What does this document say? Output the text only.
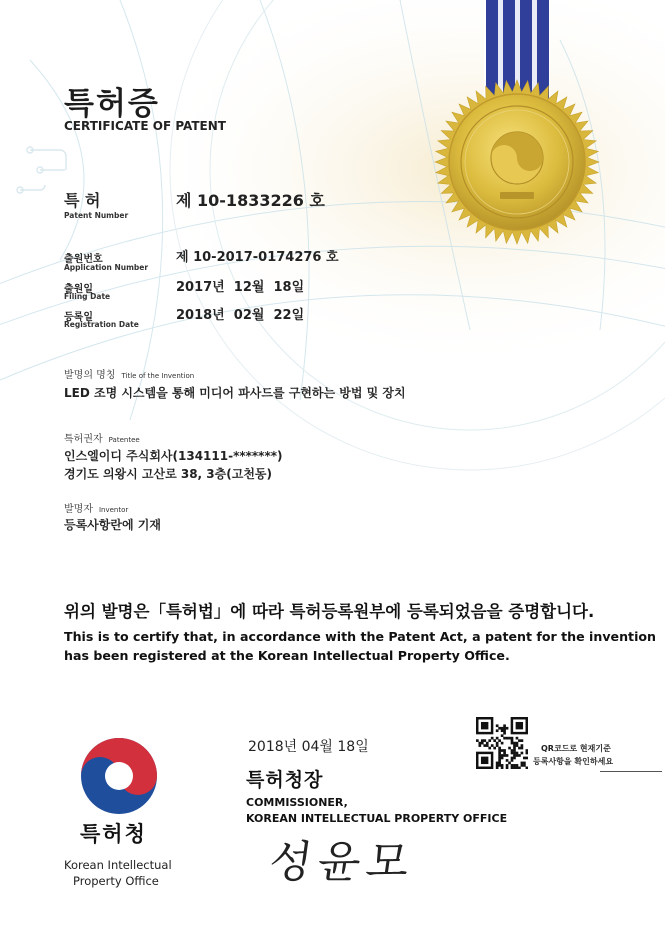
특허증
CERTIFICATE OF PATENT
특 허
Patent Number
제 10-1833226 호
출원번호
Application Number
제 10-2017-0174276 호
출원일
Filing Date
2017년  12월  18일
등록일
Registration Date
2018년  02월  22일
발명의 명칭 Title of the Invention
LED 조명 시스템을 통해 미디어 파사드를 구현하는 방법 및 장치
특허권자 Patentee
인스엘이디 주식회사(134111-*******)
경기도 의왕시 고산로 38, 3층(고천동)
발명자 Inventor
등록사항란에 기재
위의 발명은「특허법」에 따라 특허등록원부에 등록되었음을 증명합니다.
This is to certify that, in accordance with the Patent Act, a patent for the invention
has been registered at the Korean Intellectual Property Office.
특허청
Korean Intellectual
Property Office
2018년 04월 18일
특허청장
COMMISSIONER,
KOREAN INTELLECTUAL PROPERTY OFFICE
성윤모
QR코드로 현재기준
등록사항을 확인하세요
